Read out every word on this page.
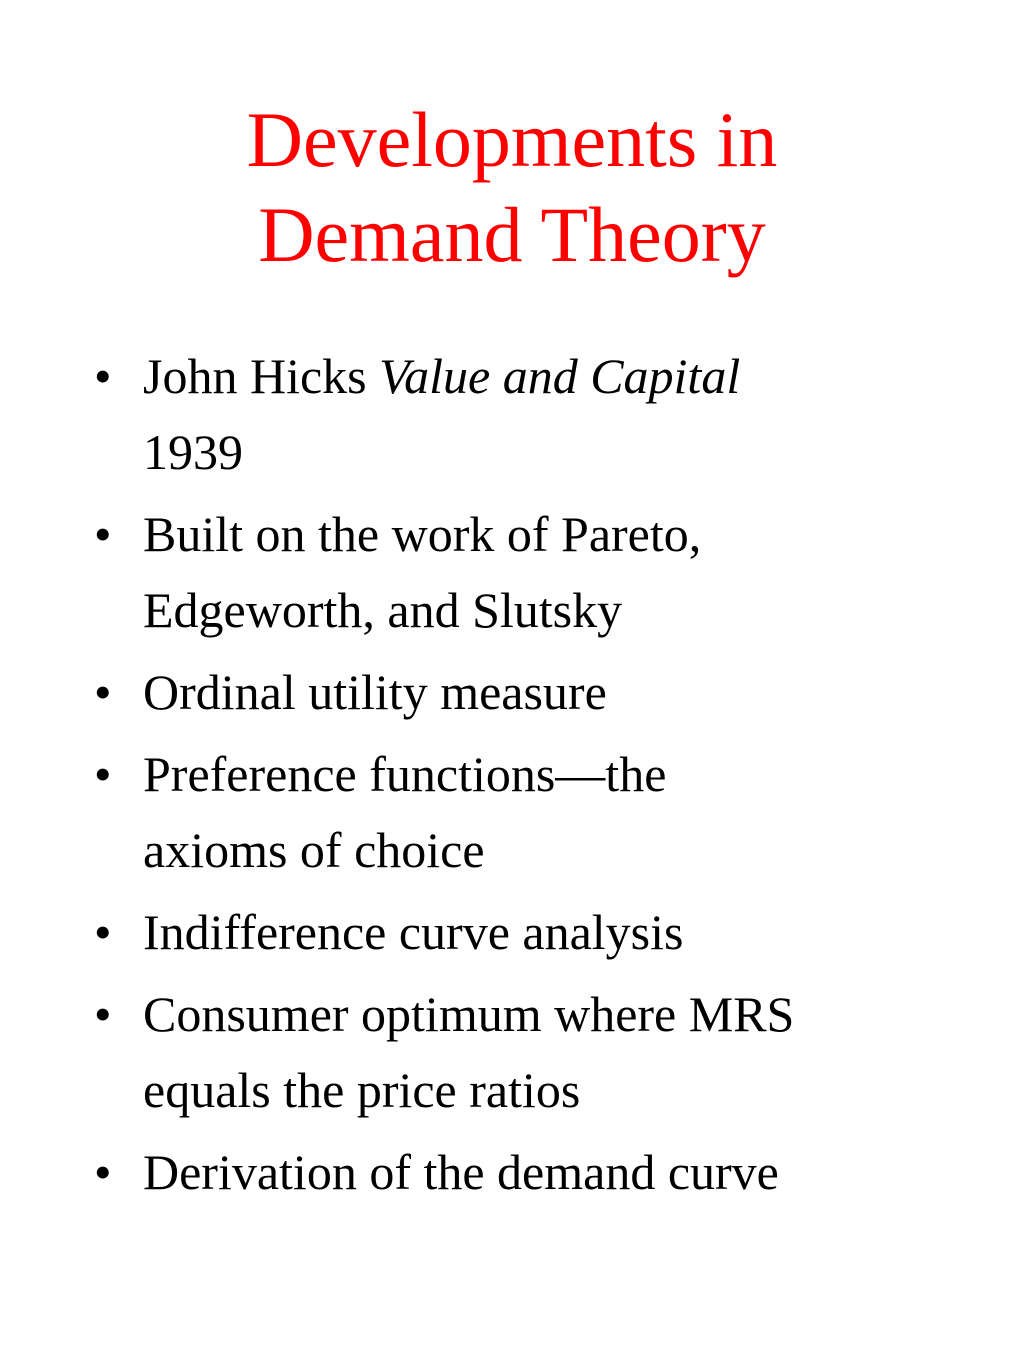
Developments in
Demand Theory
• John Hicks Value and Capital
1939
• Built on the work of Pareto,
Edgeworth, and Slutsky
• Ordinal utility measure
• Preference functions—the
axioms of choice
• Indifference curve analysis
• Consumer optimum where MRS
equals the price ratios
• Derivation of the demand curve
